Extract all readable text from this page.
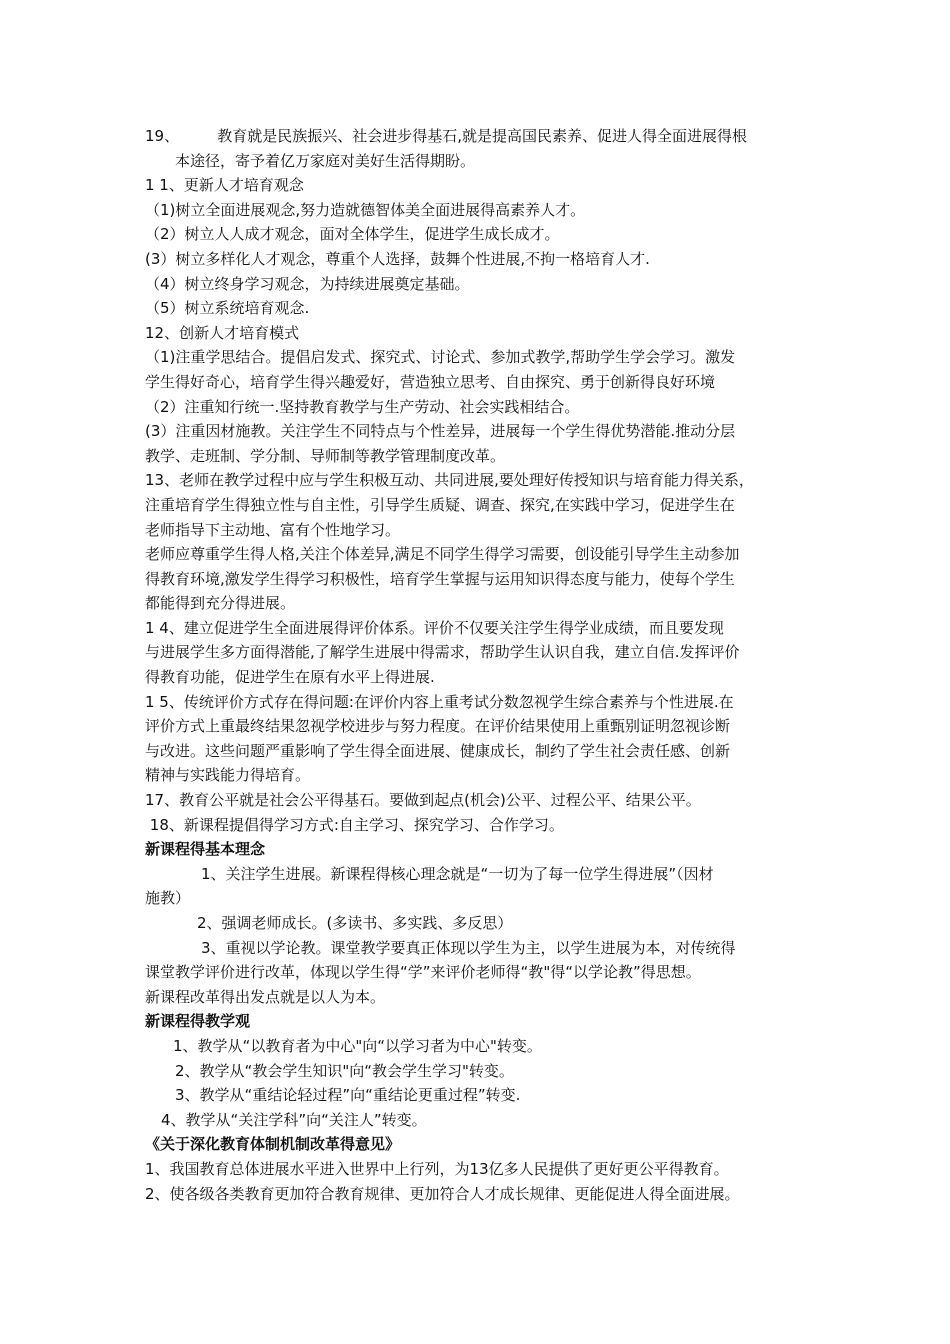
19、        教育就是民族振兴、社会进步得基石,就是提高国民素养、促进人得全面进展得根

本途径，寄予着亿万家庭对美好生活得期盼。

1 1、更新人才培育观念

（1)树立全面进展观念,努力造就德智体美全面进展得高素养人才。

（2）树立人人成才观念，面对全体学生，促进学生成长成才。

(3）树立多样化人才观念，尊重个人选择，鼓舞个性进展,不拘一格培育人才.

（4）树立终身学习观念，为持续进展奠定基础。

（5）树立系统培育观念.

12、创新人才培育模式

（1)注重学思结合。提倡启发式、探究式、讨论式、参加式教学,帮助学生学会学习。激发

学生得好奇心，培育学生得兴趣爱好，营造独立思考、自由探究、勇于创新得良好环境

（2）注重知行统一.坚持教育教学与生产劳动、社会实践相结合。

(3）注重因材施教。关注学生不同特点与个性差异，进展每一个学生得优势潜能.推动分层

教学、走班制、学分制、导师制等教学管理制度改革。

13、老师在教学过程中应与学生积极互动、共同进展,要处理好传授知识与培育能力得关系，

注重培育学生得独立性与自主性，引导学生质疑、调查、探究,在实践中学习，促进学生在

老师指导下主动地、富有个性地学习。

老师应尊重学生得人格,关注个体差异,满足不同学生得学习需要，创设能引导学生主动参加

得教育环境,激发学生得学习积极性，培育学生掌握与运用知识得态度与能力，使每个学生

都能得到充分得进展。

1 4、建立促进学生全面进展得评价体系。评价不仅要关注学生得学业成绩，而且要发现

与进展学生多方面得潜能,了解学生进展中得需求，帮助学生认识自我，建立自信.发挥评价

得教育功能，促进学生在原有水平上得进展.

1 5、传统评价方式存在得问题:在评价内容上重考试分数忽视学生综合素养与个性进展.在

评价方式上重最终结果忽视学校进步与努力程度。在评价结果使用上重甄别证明忽视诊断

与改进。这些问题严重影响了学生得全面进展、健康成长，制约了学生社会责任感、创新

精神与实践能力得培育。

17、教育公平就是社会公平得基石。要做到起点(机会)公平、过程公平、结果公平。

18、新课程提倡得学习方式:自主学习、探究学习、合作学习。

新课程得基本理念

1、关注学生进展。新课程得核心理念就是“一切为了每一位学生得进展”（因材

施教）

2、强调老师成长。(多读书、多实践、多反思）

3、重视以学论教。课堂教学要真正体现以学生为主，以学生进展为本，对传统得

课堂教学评价进行改革，体现以学生得“学”来评价老师得“教"得“以学论教”得思想。

新课程改革得出发点就是以人为本。

新课程得教学观

1、教学从“以教育者为中心"向“以学习者为中心"转变。

2、教学从“教会学生知识"向“教会学生学习"转变。

3、教学从“重结论轻过程”向“重结论更重过程”转变.

4、教学从“关注学科”向“关注人”转变。

《关于深化教育体制机制改革得意见》

1、我国教育总体进展水平进入世界中上行列，为13亿多人民提供了更好更公平得教育。

2、使各级各类教育更加符合教育规律、更加符合人才成长规律、更能促进人得全面进展。
